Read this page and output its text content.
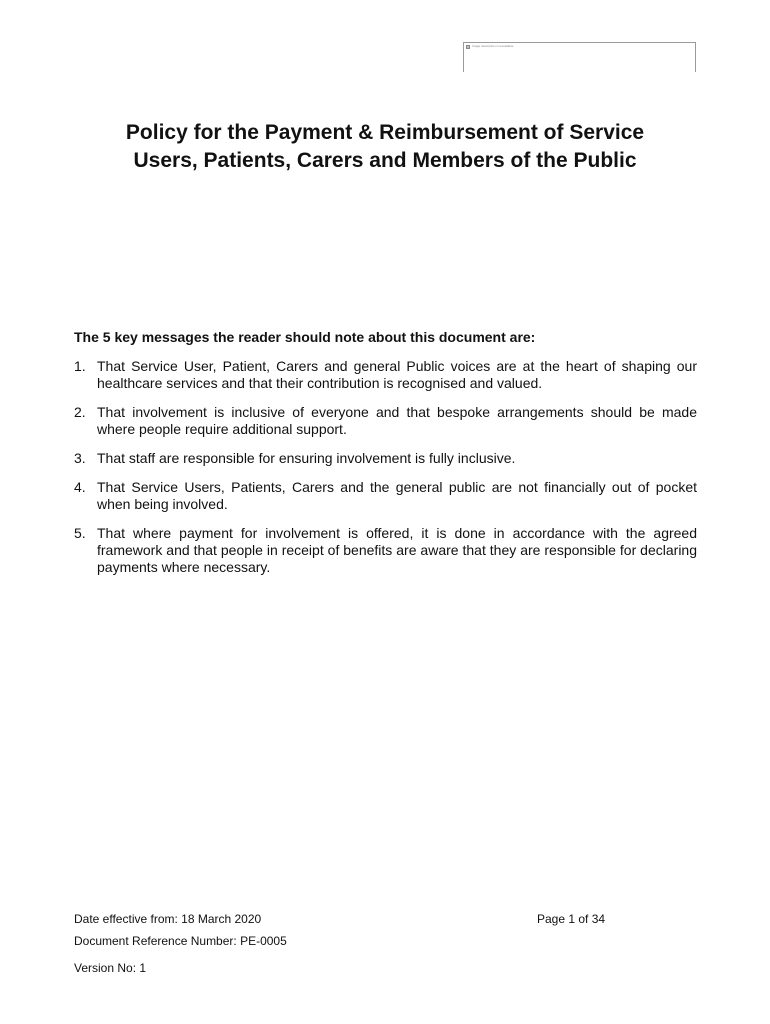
Image description not available
Policy for the Payment & Reimbursement of Service
Users, Patients, Carers and Members of the Public

The 5 key messages the reader should note about this document are:

1. That Service User, Patient, Carers and general Public voices are at the heart of shaping our healthcare services and that their contribution is recognised and valued.
2. That involvement is inclusive of everyone and that bespoke arrangements should be made where people require additional support.
3. That staff are responsible for ensuring involvement is fully inclusive.
4. That Service Users, Patients, Carers and the general public are not financially out of pocket when being involved.
5. That where payment for involvement is offered, it is done in accordance with the agreed framework and that people in receipt of benefits are aware that they are responsible for declaring payments where necessary.
Date effective from: 18 March 2020	Page 1 of 34
Document Reference Number: PE-0005
Version No: 1
